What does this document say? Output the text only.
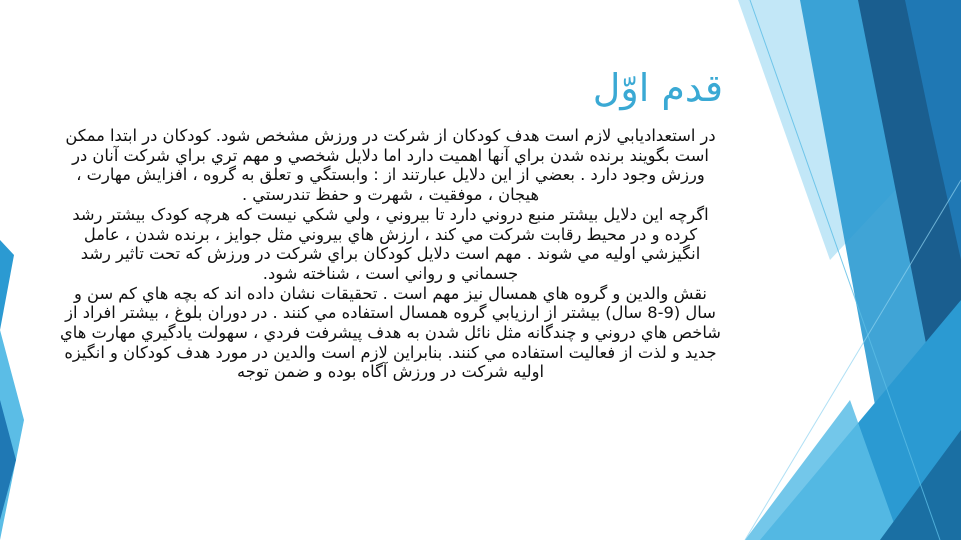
قدم اوّل

در استعداديابي لازم است هدف كودكان از شركت در ورزش مشخص شود. كودكان در ابتدا ممكن است بگويند برنده شدن براي آنها اهميت دارد اما دلايل شخصي و مهم تري براي شركت آنان در ورزش وجود دارد . بعضي از اين دلايل عبارتند از : وابستگي و تعلق به گروه ، افزايش مهارت ، هيجان ، موفقيت ، شهرت و حفظ تندرستي .

اگرچه اين دلايل بيشتر منبع دروني دارد تا بيروني ، ولي شكي نيست كه هرچه كودک بيشتر رشد كرده و در محيط رقابت شركت مي كند ، ارزش هاي بيروني مثل جوايز ، برنده شدن ، عامل انگيزشي اوليه مي شوند . مهم است دلايل كودكان براي شركت در ورزش كه تحت تاثير رشد جسماني و رواني است ، شناخته شود.

نقش والدين و گروه هاي همسال نيز مهم است . تحقيقات نشان داده اند كه بچه هاي كم سن و سال (9-8 سال) بيشتر از ارزيابي گروه همسال استفاده مي كنند . در دوران بلوغ ، بيشتر افراد از شاخص هاي دروني و چندگانه مثل نائل شدن به هدف پيشرفت فردي ، سهولت يادگيري مهارت هاي جديد و لذت از فعاليت استفاده مي كنند. بنابراين لازم است والدين در مورد هدف كودكان و انگيزه اوليه شركت در ورزش آگاه بوده و ضمن توجه
